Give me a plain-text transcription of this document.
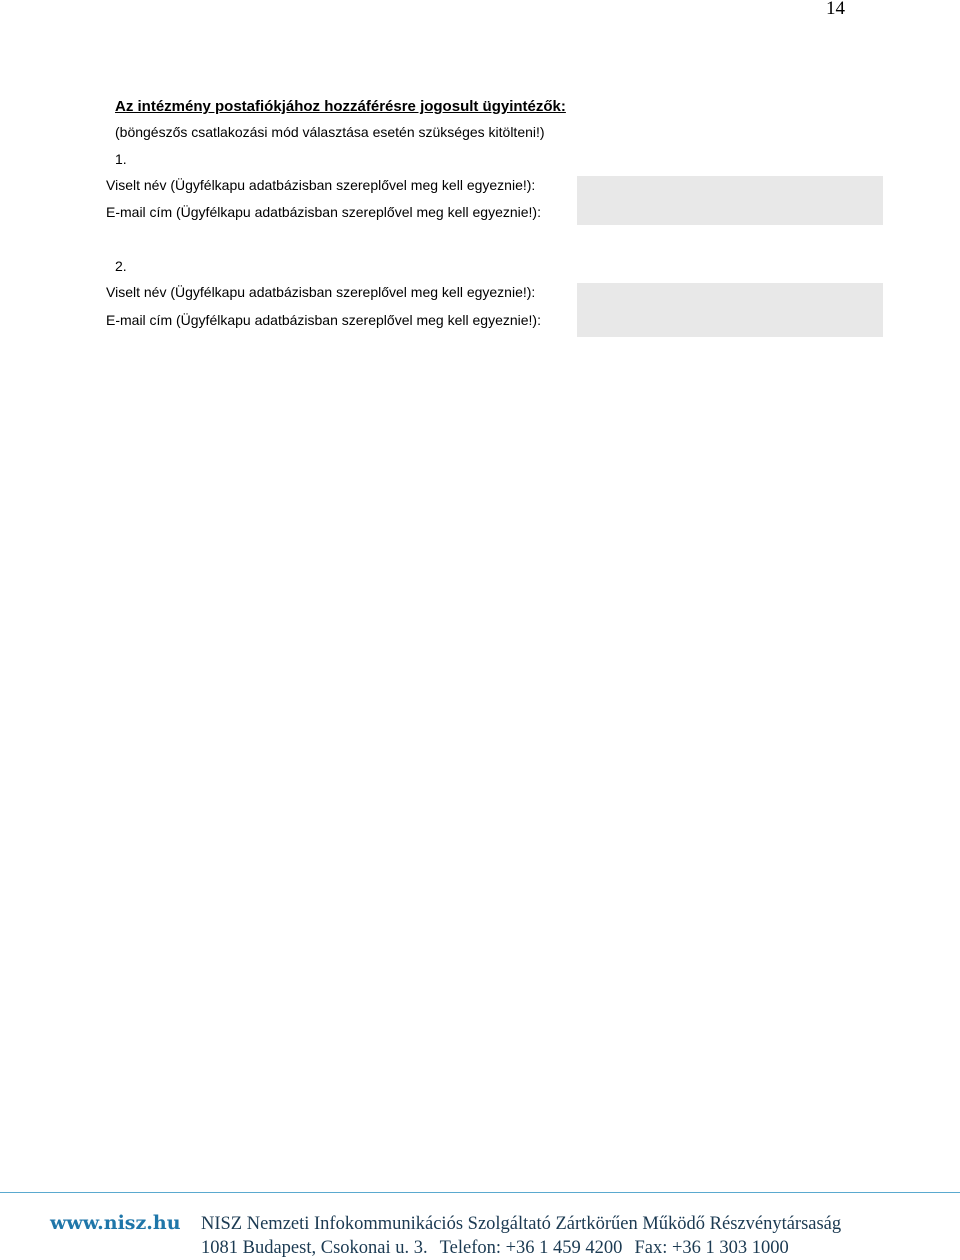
14
Az intézmény postafiókjához hozzáférésre jogosult ügyintézők:
(böngészős csatlakozási mód választása esetén szükséges kitölteni!)
1.
Viselt név (Ügyfélkapu adatbázisban szereplővel meg kell egyeznie!):
E-mail cím (Ügyfélkapu adatbázisban szereplővel meg kell egyeznie!):
2.
Viselt név (Ügyfélkapu adatbázisban szereplővel meg kell egyeznie!):
E-mail cím (Ügyfélkapu adatbázisban szereplővel meg kell egyeznie!):
www.nisz.hu NISZ Nemzeti Infokommunikációs Szolgáltató Zártkörűen Működő Részvénytársaság
1081 Budapest, Csokonai u. 3. Telefon: +36 1 459 4200 Fax: +36 1 303 1000
